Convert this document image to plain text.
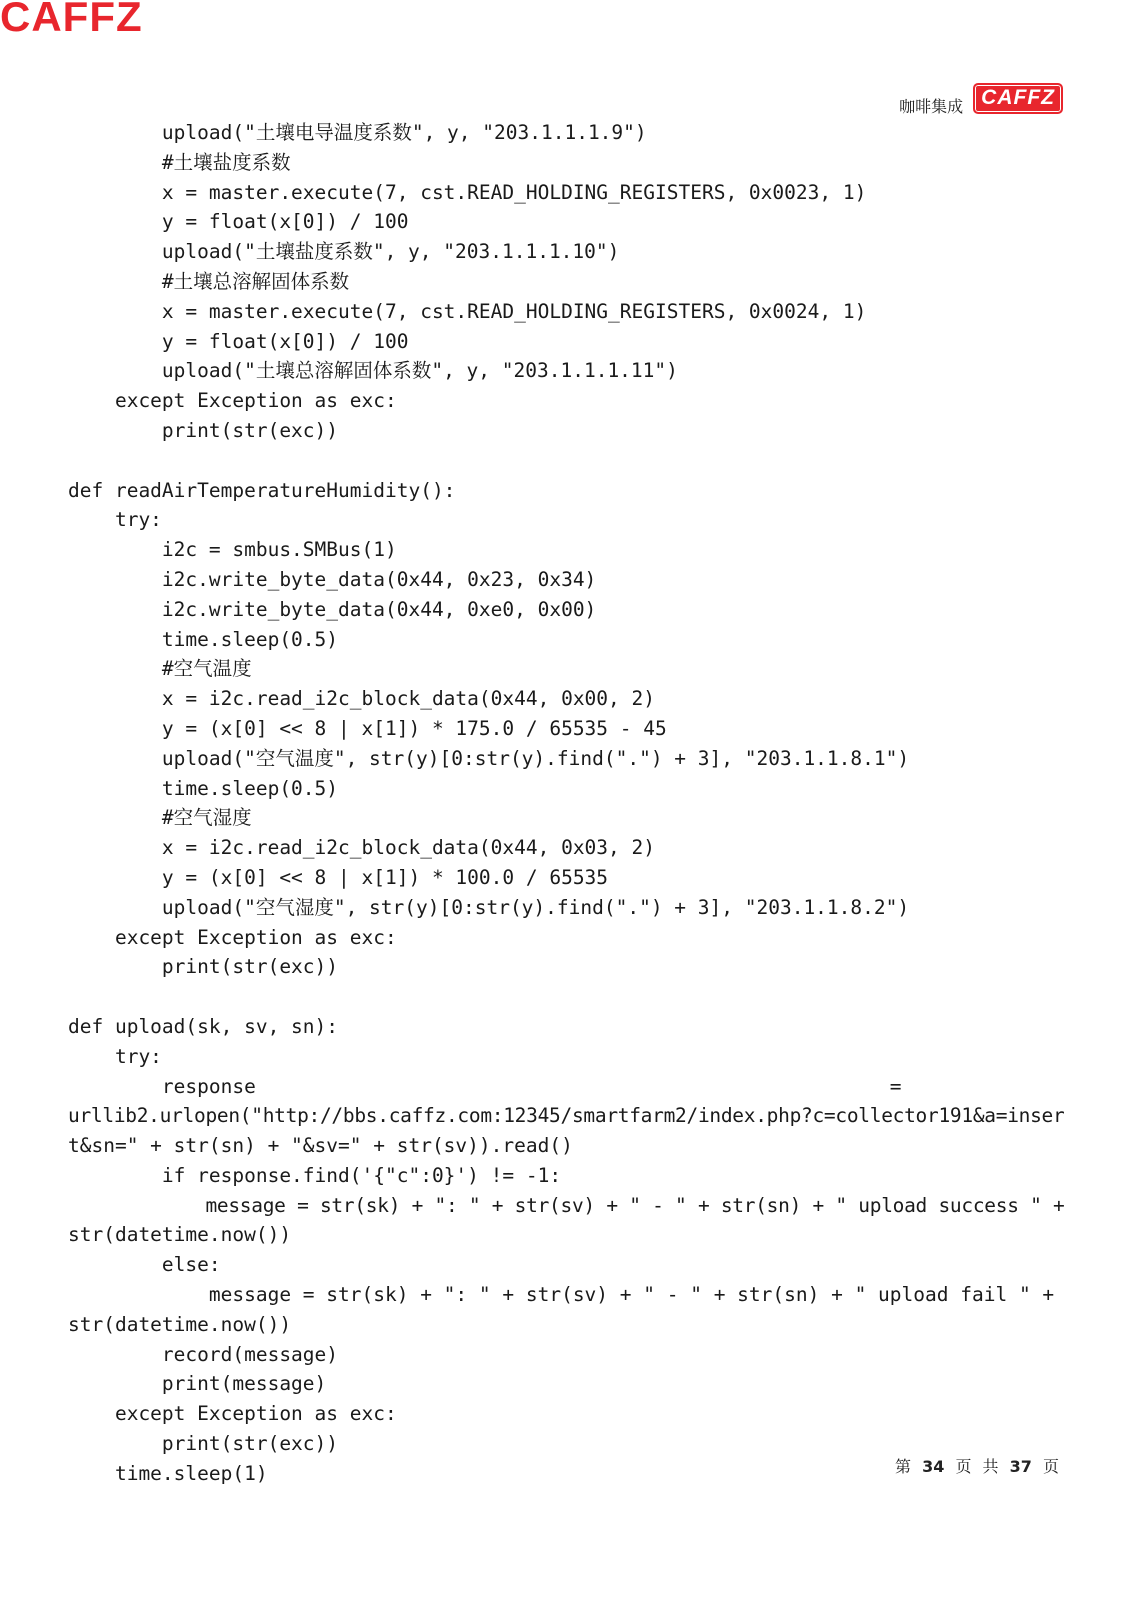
CAFFZ
咖啡集成 CAFFZ
upload("土壤电导温度系数", y, "203.1.1.1.9")
#土壤盐度系数
x = master.execute(7, cst.READ_HOLDING_REGISTERS, 0x0023, 1)
y = float(x[0]) / 100
upload("土壤盐度系数", y, "203.1.1.1.10")
#土壤总溶解固体系数
x = master.execute(7, cst.READ_HOLDING_REGISTERS, 0x0024, 1)
y = float(x[0]) / 100
upload("土壤总溶解固体系数", y, "203.1.1.1.11")
except Exception as exc:
print(str(exc))
def readAirTemperatureHumidity():
try:
i2c = smbus.SMBus(1)
i2c.write_byte_data(0x44, 0x23, 0x34)
i2c.write_byte_data(0x44, 0xe0, 0x00)
time.sleep(0.5)
#空气温度
x = i2c.read_i2c_block_data(0x44, 0x00, 2)
y = (x[0] << 8 | x[1]) * 175.0 / 65535 - 45
upload("空气温度", str(y)[0:str(y).find(".") + 3], "203.1.1.8.1")
time.sleep(0.5)
#空气湿度
x = i2c.read_i2c_block_data(0x44, 0x03, 2)
y = (x[0] << 8 | x[1]) * 100.0 / 65535
upload("空气湿度", str(y)[0:str(y).find(".") + 3], "203.1.1.8.2")
except Exception as exc:
print(str(exc))
def upload(sk, sv, sn):
try:
response                                                      =
urllib2.urlopen("http://bbs.caffz.com:12345/smartfarm2/index.php?c=collector191&a=inser
t&sn=" + str(sn) + "&sv=" + str(sv)).read()
if response.find('{"c":0}') != -1:
message = str(sk) + ": " + str(sv) + " - " + str(sn) + " upload success " +
str(datetime.now())
else:
message = str(sk) + ": " + str(sv) + " - " + str(sn) + " upload fail " +
str(datetime.now())
record(message)
print(message)
except Exception as exc:
print(str(exc))
time.sleep(1)	第 34 页 共 37 页
